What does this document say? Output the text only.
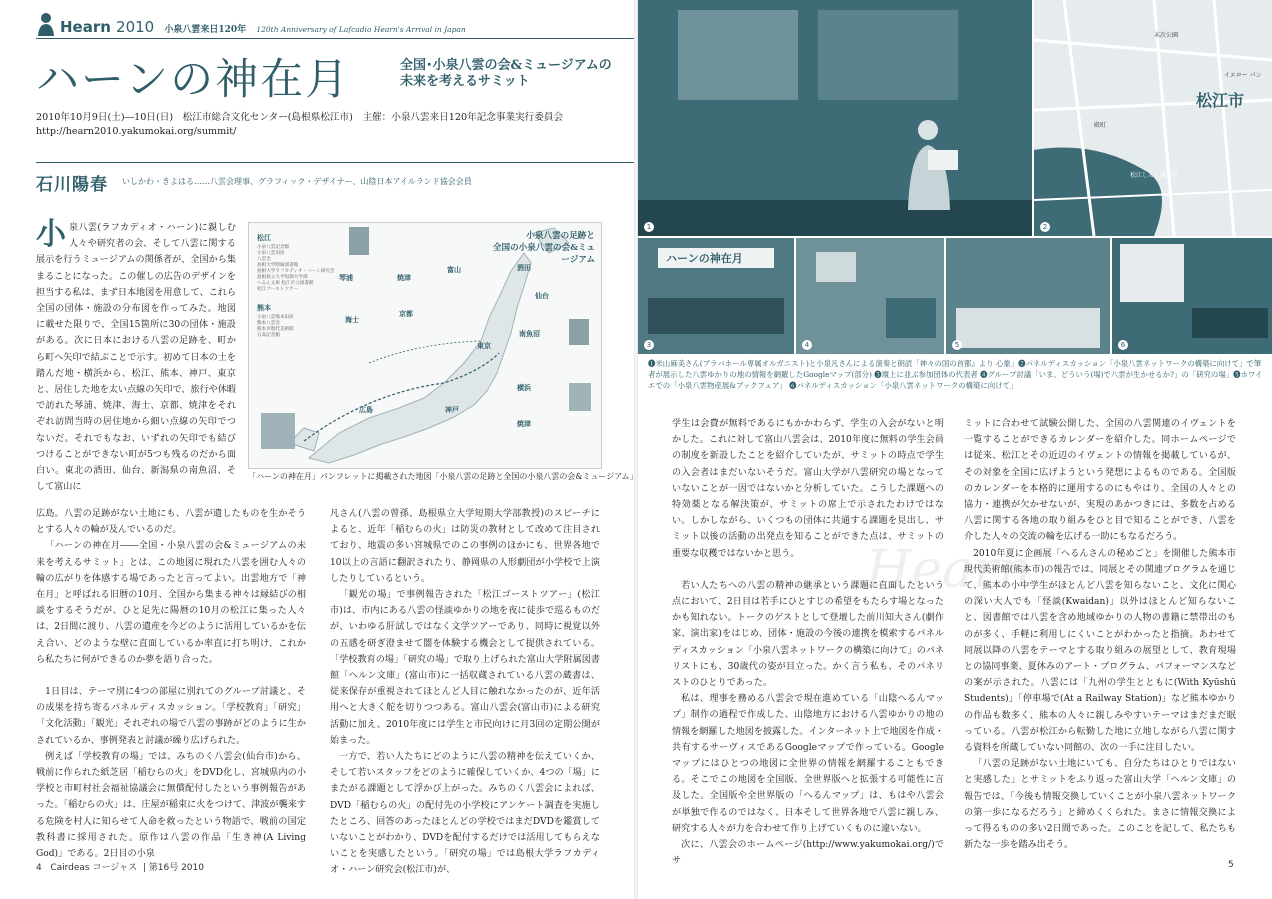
Hearn 2010 小泉八雲来日120年 120th Anniversary of Lafcadio Hearn's Arrival in Japan
ハーンの神在月	全国･小泉八雲の会&ミュージアムの
未来を考えるサミット
2010年10月9日(土)―10日(日)　松江市総合文化センター(島根県松江市)　主催：小泉八雲来日120年記念事業実行委員会
http://hearn2010.yakumokai.org/summit/
石川陽春 いしかわ・きよはる……八雲会理事、グラフィック・デザイナー、山陰日本アイルランド協会会員
小泉八雲(ラフカディオ・ハーン)に親しむ人々や研究者の会、そして八雲に関する展示を行うミュージアムの関係者が、全国から集まることになった。この催しの広告のデザインを担当する私は、まず日本地図を用意して、これら全国の団体・施設の分布図を作ってみた。地図に載せた限りで、全国15箇所に30の団体・施設がある。次に日本における八雲の足跡を、町から町へ矢印で結ぶことで示す。初めて日本の土を踏んだ地・横浜から、松江、熊本、神戸、東京と、居住した地を太い点線の矢印で、旅行や休暇で訪れた琴浦、焼津、海士、京都、焼津をそれぞれ訪問当時の居住地から細い点線の矢印でつないだ。それでもなお、いずれの矢印でも結びつけることができない町が5つも残るのだから面白い。東北の酒田、仙台、新潟県の南魚沼、そして富山に
小泉八雲の足跡と
全国の小泉八雲の会&ミュージアム
松江
小泉八雲記念館
小泉八雲旧居
八雲会
島根大学附属図書館
島根大学ラフカディオ・ハーン研究会
島根県立大学短期大学部
へるん文庫 松江市立図書館
松江ゴーストツアー
琴浦	焼津
富山	酒田
仙台
熊本
小泉八雲熊本旧居
熊本八雲会
熊本市現代美術館
五高記念館
海士
京都
南魚沼
東京
横浜
広島	神戸
焼津
「ハーンの神在月」パンフレットに掲載された地図「小泉八雲の足跡と全国の小泉八雲の会&ミュージアム」

広島。八雲の足跡がない土地にも、八雲が遺したものを生かそうとする人々の輪が及んでいるのだ。

「ハーンの神在月――全国・小泉八雲の会&ミュージアムの未来を考えるサミット」とは、この地図に現れた八雲を囲む人々の輪の広がりを体感する場であったと言ってよい。出雲地方で「神在月」と呼ばれる旧暦の10月、全国から集まる神々は縁結びの相談をするそうだが、ひと足先に陽暦の10月の松江に集った人々は、2日間に渡り、八雲の遺産を今どのように活用しているかを伝え合い、どのような壁に直面しているか率直に打ち明け、これから私たちに何ができるのか夢を語り合った。

1日目は、テーマ別に4つの部屋に別れてのグループ討議と、その成果を持ち寄るパネルディスカッション。「学校教育」「研究」「文化活動」「観光」それぞれの場で八雲の事跡がどのように生かされているか、事例発表と討議が繰り広げられた。

例えば「学校教育の場」では、みちのく八雲会(仙台市)から、戦前に作られた紙芝居「稲むらの火」をDVD化し、宮城県内の小学校と市町村社会福祉協議会に無償配付したという事例報告があった。「稲むらの火」は、庄屋が稲束に火をつけて、津波が襲来する危険を村人に知らせて人命を救ったという物語で、戦前の国定教科書に採用された。原作は八雲の作品「生き神(A Living God)」である。2日目の小泉

凡さん(八雲の曾孫、島根県立大学短期大学部教授)のスピーチによると、近年「稲むらの火」は防災の教材として改めて注目されており、地震の多い宮城県でのこの事例のほかにも、世界各地で10以上の言語に翻訳されたり、静岡県の人形劇団が小学校で上演したりしているという。

「観光の場」で事例報告された「松江ゴーストツアー」(松江市)は、市内にある八雲の怪談ゆかりの地を夜に徒歩で巡るものだが、いわゆる肝試しではなく文学ツアーであり、同時に視覚以外の五感を研ぎ澄ませて闇を体験する機会として提供されている。「学校教育の場」「研究の場」で取り上げられた富山大学附属図書館「ヘルン文庫」(富山市)に一括収蔵されている八雲の蔵書は、従来保存が重視されてほとんど人目に触れなかったのが、近年活用へと大きく舵を切りつつある。富山八雲会(富山市)による研究活動に加え、2010年度には学生と市民向けに月3回の定期公開が始まった。

一方で、若い人たちにどのように八雲の精神を伝えていくか、そして若いスタッフをどのように確保していくか、4つの「場」にまたがる課題として浮かび上がった。みちのく八雲会によれば、DVD「稲むらの火」の配付先の小学校にアンケート調査を実施したところ、回答のあったほとんどの学校ではまだDVDを鑑賞していないことがわかり、DVDを配付するだけでは活用してもらえないことを実感したという。「研究の場」では島根大学ラフカディオ・ハーン研究会(松江市)が、

1
松江市
イエロー パン
末次公園
松江しんじ湖温泉
殿町
2
ハーンの神在月
3	4	5	6
❶米山麻美さん(ブラバホール専属オルガニスト)と小泉凡さんによる演奏と朗読「神々の国の首都』より 心象」❷パネルディスカッション「小泉八雲ネットワークの構築に向けて」で筆者が展示した八雲ゆかりの地の情報を網羅したGoogleマップ(部分) ❸壇上に並ぶ参加団体の代表者 ❹グループ討議「いま、どういう(場)で八雲が生かせるか?」の「研究の場」❺ホワイエでの「小泉八雲物産展&ブックフェア」 ❻パネルディスカッション「小泉八雲ネットワークの構築に向けて」
Hearn

学生は会費が無料であるにもかかわらず、学生の入会がないと明かした。これに対して富山八雲会は、2010年度に無料の学生会員の制度を新設したことを紹介していたが、サミットの時点で学生の入会者はまだいないそうだ。富山大学が八雲研究の場となっていないことが一因ではないかと分析していた。こうした課題への特効薬となる解決策が、サミットの席上で示されたわけではない。しかしながら、いくつもの団体に共通する課題を見出し、サミット以後の活動の出発点を知ることができた点は、サミットの重要な収穫ではないかと思う。

若い人たちへの八雲の精神の継承という課題に直面したという点において、2日目は若手にひとすじの希望をもたらす場となったかも知れない。トークのゲストとして登壇した前川知大さん(劇作家、演出家)をはじめ、団体・施設の今後の連携を模索するパネルディスカッション「小泉八雲ネットワークの構築に向けて」のパネリストにも、30歳代の姿が目立った。かく言う私も、そのパネリストのひとりであった。

私は、理事を務める八雲会で現在進めている「山陰へるんマップ」制作の過程で作成した、山陰地方における八雲ゆかりの地の情報を網羅した地図を披露した。インターネット上で地図を作成・共有するサーヴィスであるGoogleマップで作っている。Googleマップにはひとつの地図に全世界の情報を網羅することもできる。そこでこの地図を全国版、全世界版へと拡張する可能性に言及した。全国版や全世界版の「へるんマップ」は、もはや八雲会が単独で作るのではなく、日本そして世界各地で八雲に親しみ、研究する人々が力を合わせて作り上げていくものに違いない。

次に、八雲会のホームページ(http://www.yakumokai.org/)でサ

ミットに合わせて試験公開した、全国の八雲関連のイヴェントを一覧することができるカレンダーを紹介した。同ホームページでは従来、松江とその近辺のイヴェントの情報を掲載しているが、その対象を全国に広げようという発想によるものである。全国版のカレンダーを本格的に運用するのにもやはり、全国の人々との協力・連携が欠かせないが、実現のあかつきには、多数を占める八雲に関する各地の取り組みをひと目で知ることができ、八雲を介した人々の交流の輪を広げる一助にもなるだろう。

2010年夏に企画展「へるんさんの秘めごと」を開催した熊本市現代美術館(熊本市)の報告では、同展とその関連プログラムを通じて、熊本の小中学生がほとんど八雲を知らないこと、文化に関心の深い大人でも「怪談(Kwaidan)」以外はほとんど知らないこと、図書館では八雲を含め地域ゆかりの人物の書籍に禁帯出のものが多く、手軽に利用しにくいことがわかったと指摘。あわせて同展以降の八雲をテーマとする取り組みの展望として、教育現場との協同事業、夏休みのアート・プログラム、パフォーマンスなどの案が示された。八雲には「九州の学生とともに(With Kyūshū Students)」「停車場で(At a Railway Station)」など熊本ゆかりの作品も数多く、熊本の人々に親しみやすいテーマはまだまだ眠っている。八雲が松江から転勤した地に立地しながら八雲に関する資料を所蔵していない同館の、次の一手に注目したい。

「八雲の足跡がない土地にいても、自分たちはひとりではないと実感した」とサミットをふり返った富山大学「ヘルン文庫」の報告では、「今後も情報交換していくことが小泉八雲ネットワークの第一歩になるだろう」と締めくくられた。まさに情報交換によって得るものの多い2日間であった。このことを記して、私たちも新たな一歩を踏み出そう。

4 Cairdeas コージャス  | 第16号 2010	5
